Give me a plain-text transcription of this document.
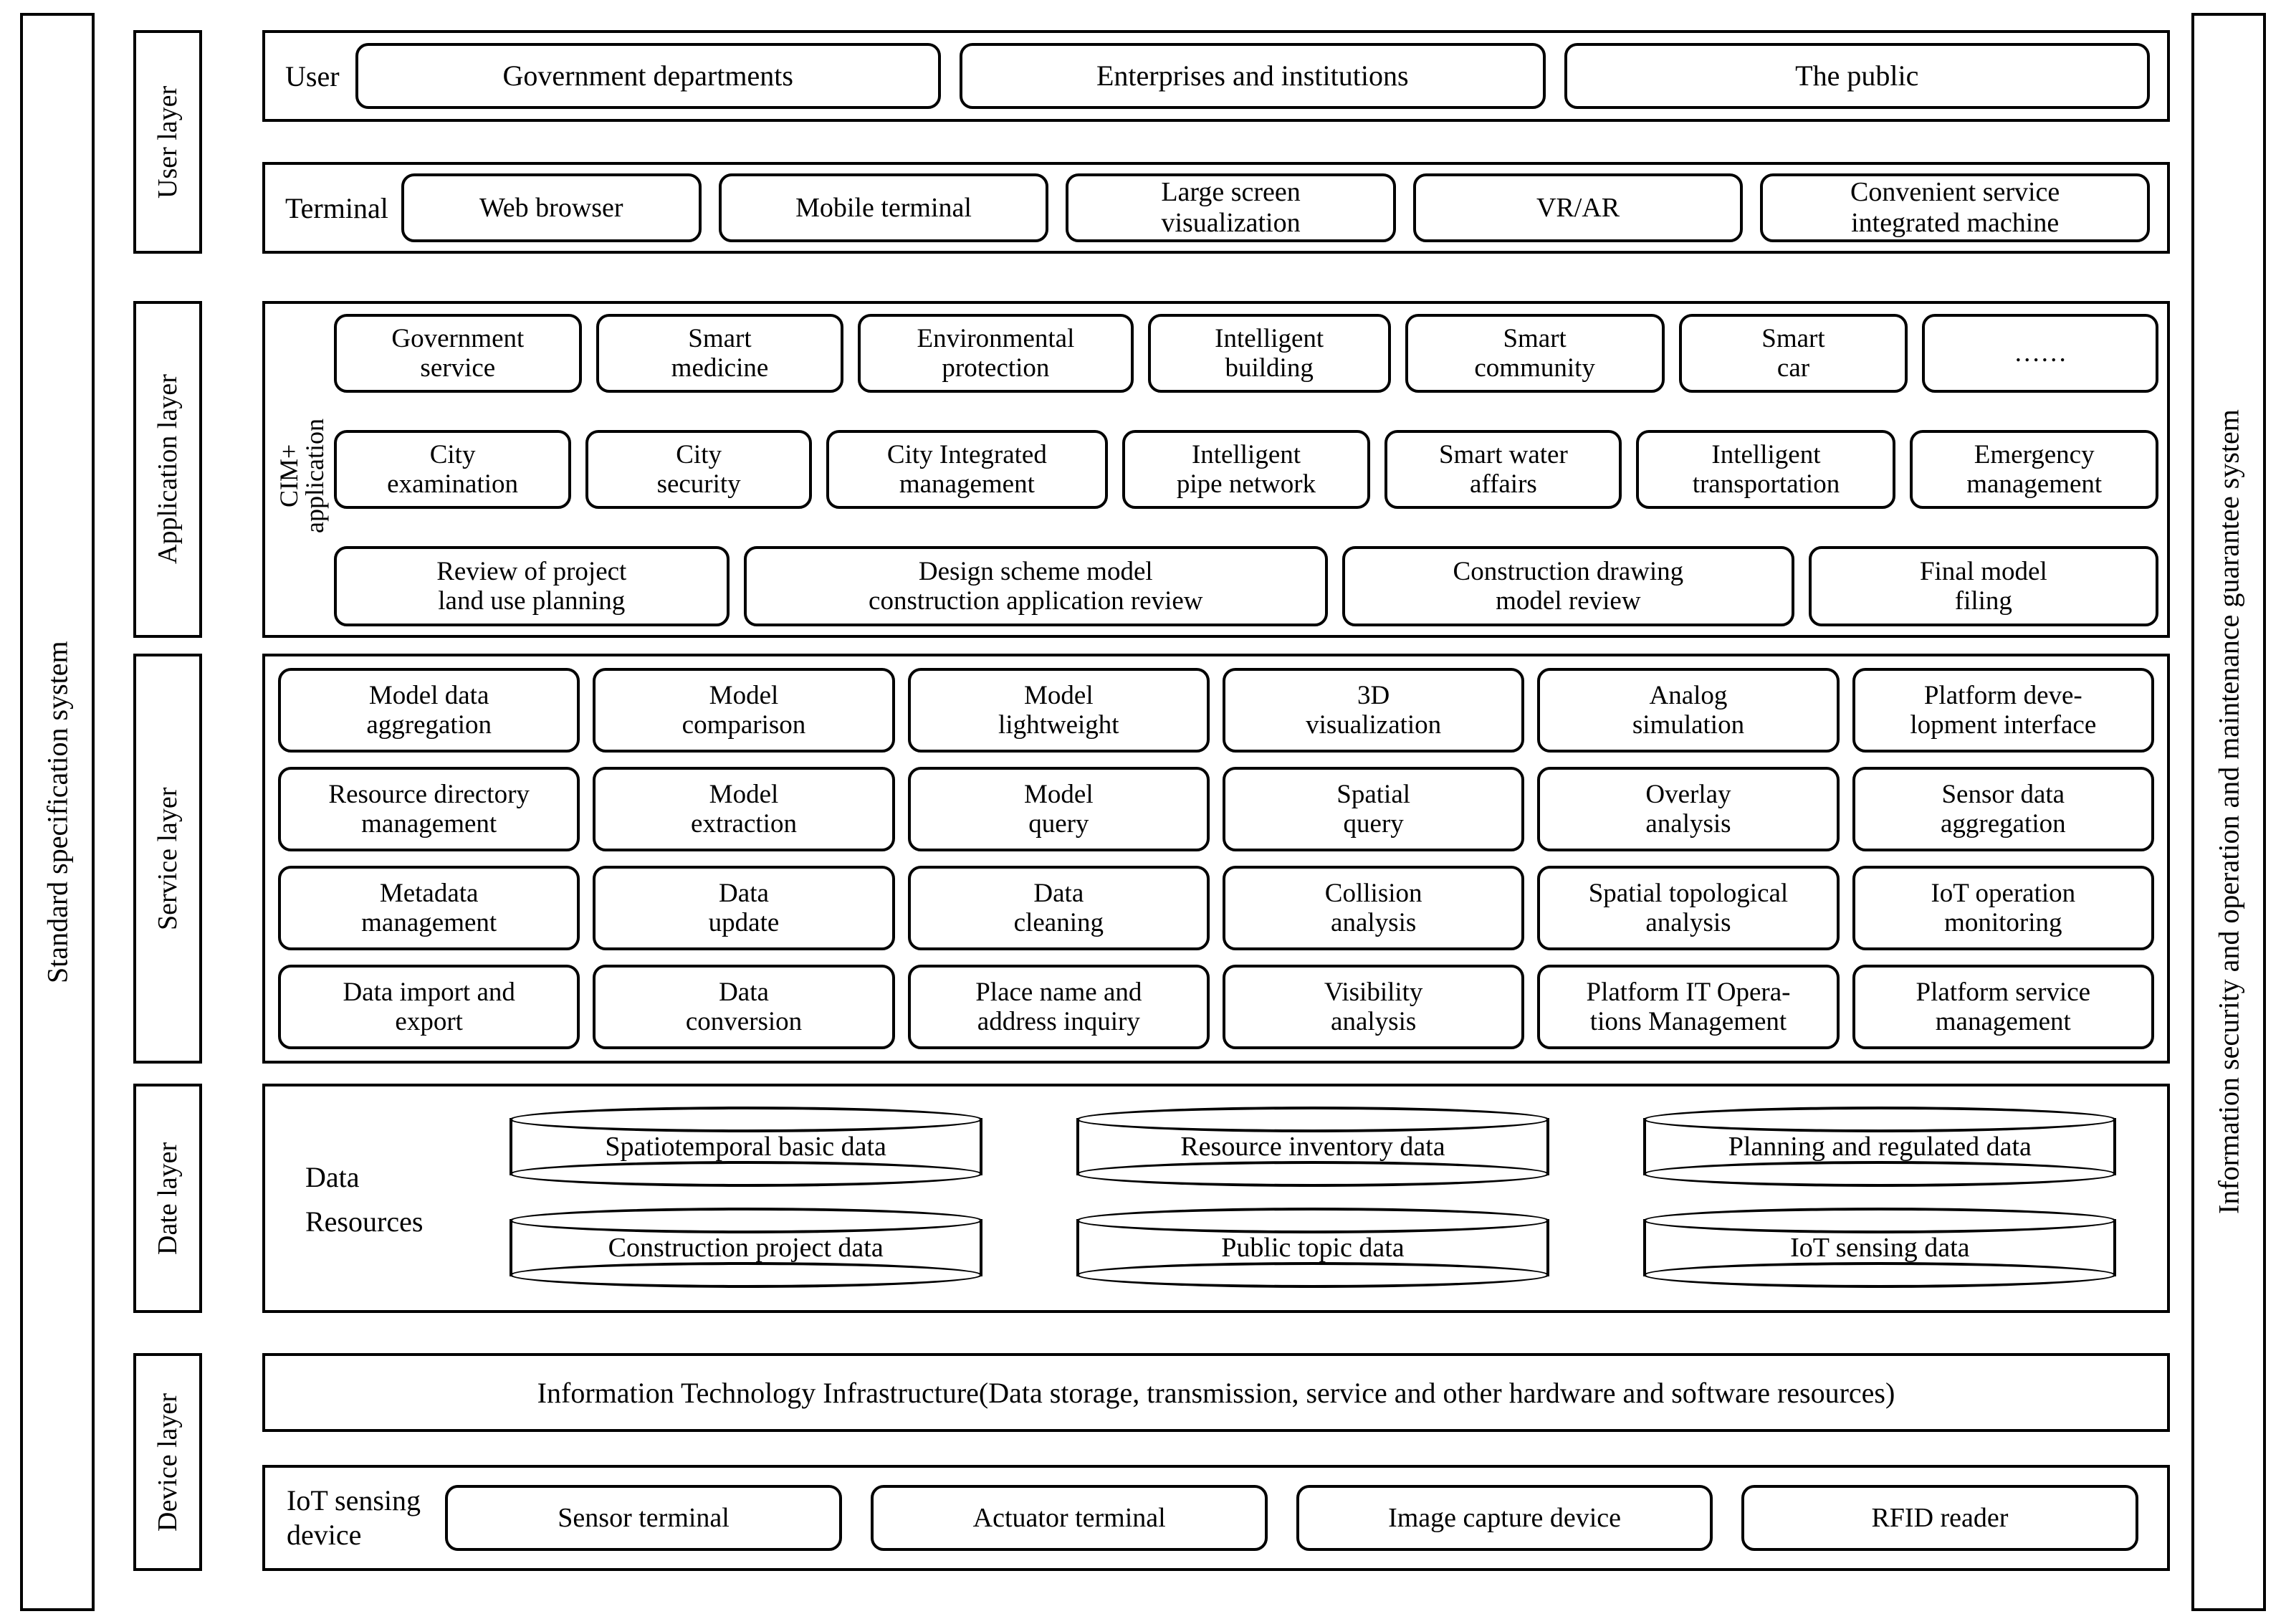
Standard specification system	Information security and operation and maintenance guarantee system
User layer
Application layer
Service layer
Date layer
Device layer
User	Government departments	Enterprises and institutions	The public
Terminal	Web browser	Mobile terminal
Large screen
visualization
VR/AR
Convenient service
integrated machine
CIM+
application
Government
service
Smart
medicine
Environmental
protection
Intelligent
building
Smart
community
Smart
car
……
City
examination
City
security
City Integrated
management
Intelligent
pipe network
Smart water
affairs
Intelligent
transportation
Emergency
management
Review of project
land use planning
Design scheme model
construction application review
Construction drawing
model review
Final model
filing
Model data
aggregation
Model
comparison
Model
lightweight
3D
visualization
Analog
simulation
Platform deve-
lopment interface
Resource directory
management
Model
extraction
Model
query
Spatial
query
Overlay
analysis
Sensor data
aggregation
Metadata
management
Data
update
Data
cleaning
Collision
analysis
Spatial topological
analysis
IoT operation
monitoring
Data import and
export
Data
conversion
Place name and
address inquiry
Visibility
analysis
Platform IT Opera-
tions Management
Platform service
management
Data
Resources
Spatiotemporal basic data	Resource inventory data	Planning and regulated data
Construction project data	Public topic data	IoT sensing data
Information Technology Infrastructure(Data storage, transmission, service and other hardware and software resources)
IoT sensing
device
Sensor terminal	Actuator terminal	Image capture device	RFID reader
